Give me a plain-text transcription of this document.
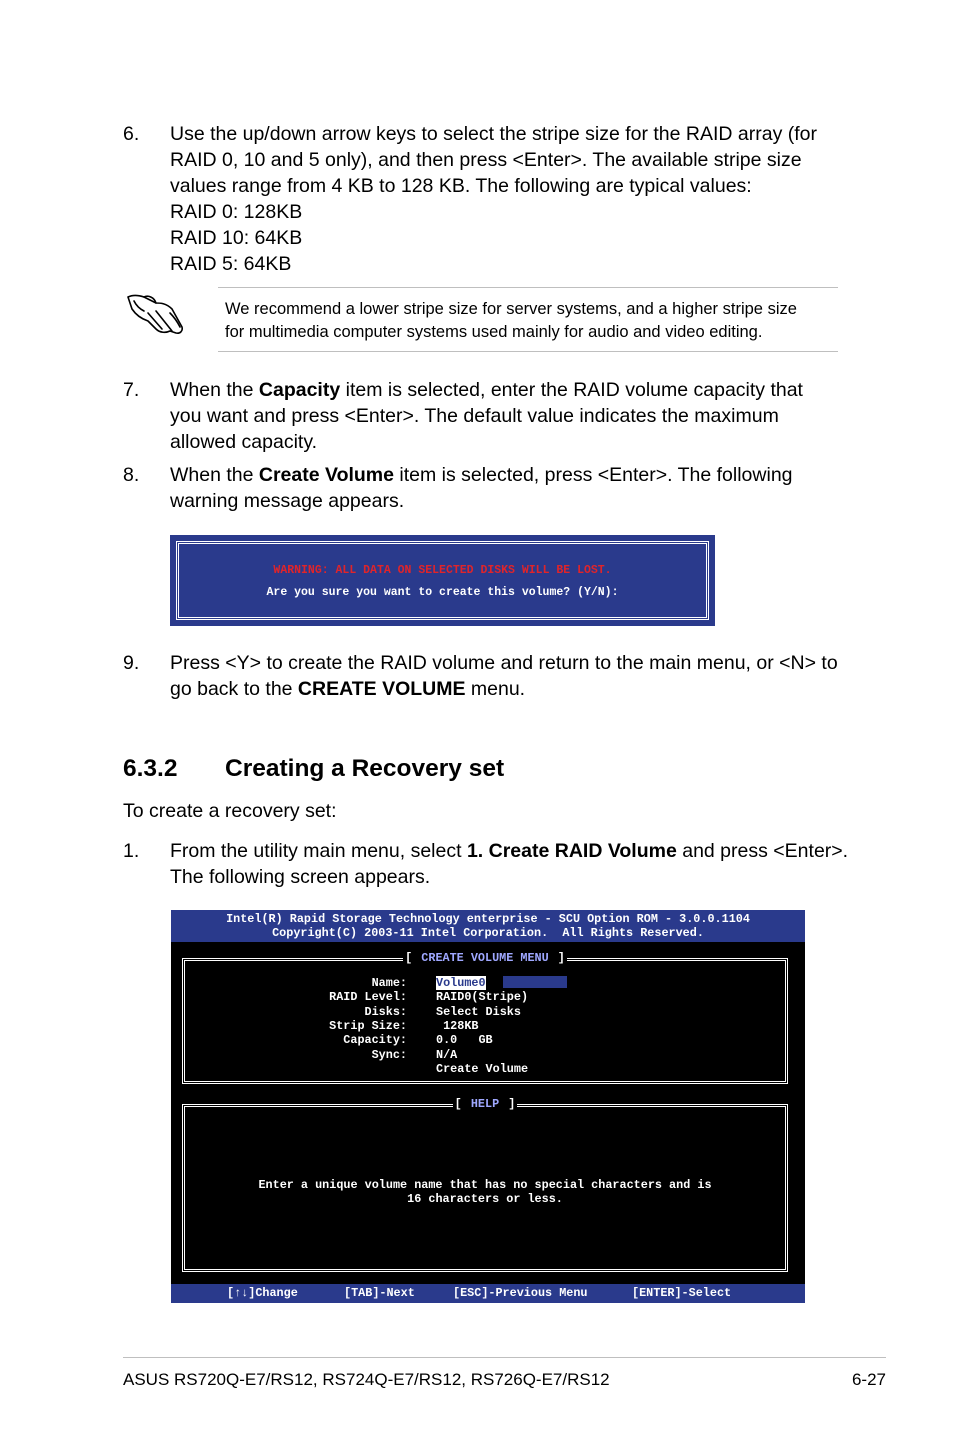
6. Use the up/down arrow keys to select the stripe size for the RAID array (for
RAID 0, 10 and 5 only), and then press <Enter>. The available stripe size
values range from 4 KB to 128 KB. The following are typical values:
RAID 0: 128KB
RAID 10: 64KB
RAID 5: 64KB
We recommend a lower stripe size for server systems, and a higher stripe size
for multimedia computer systems used mainly for audio and video editing.
7. When the Capacity item is selected, enter the RAID volume capacity that
you want and press <Enter>. The default value indicates the maximum
allowed capacity.
8. When the Create Volume item is selected, press <Enter>. The following
warning message appears.
WARNING: ALL DATA ON SELECTED DISKS WILL BE LOST.
Are you sure you want to create this volume? (Y/N):
9. Press <Y> to create the RAID volume and return to the main menu, or <N> to
go back to the CREATE VOLUME menu.
6.3.2 Creating a Recovery set
To create a recovery set:
1. From the utility main menu, select 1. Create RAID Volume and press <Enter>.
The following screen appears.
Intel(R) Rapid Storage Technology enterprise - SCU Option ROM - 3.0.0.1104
Copyright(C) 2003-11 Intel Corporation.  All Rights Reserved.
[ CREATE VOLUME MENU ]
Name: Volume0
RAID Level: RAID0(Stripe)
Disks: Select Disks
Strip Size: 128KB
Capacity: 0.0   GB
Sync: N/A
Create Volume
[ HELP ]
Enter a unique volume name that has no special characters and is
16 characters or less.

[↑↓]Change

	[TAB]-Next

	[ESC]-Previous Menu

	[ENTER]-Select

ASUS RS720Q-E7/RS12, RS724Q-E7/RS12, RS726Q-E7/RS12	6-27
